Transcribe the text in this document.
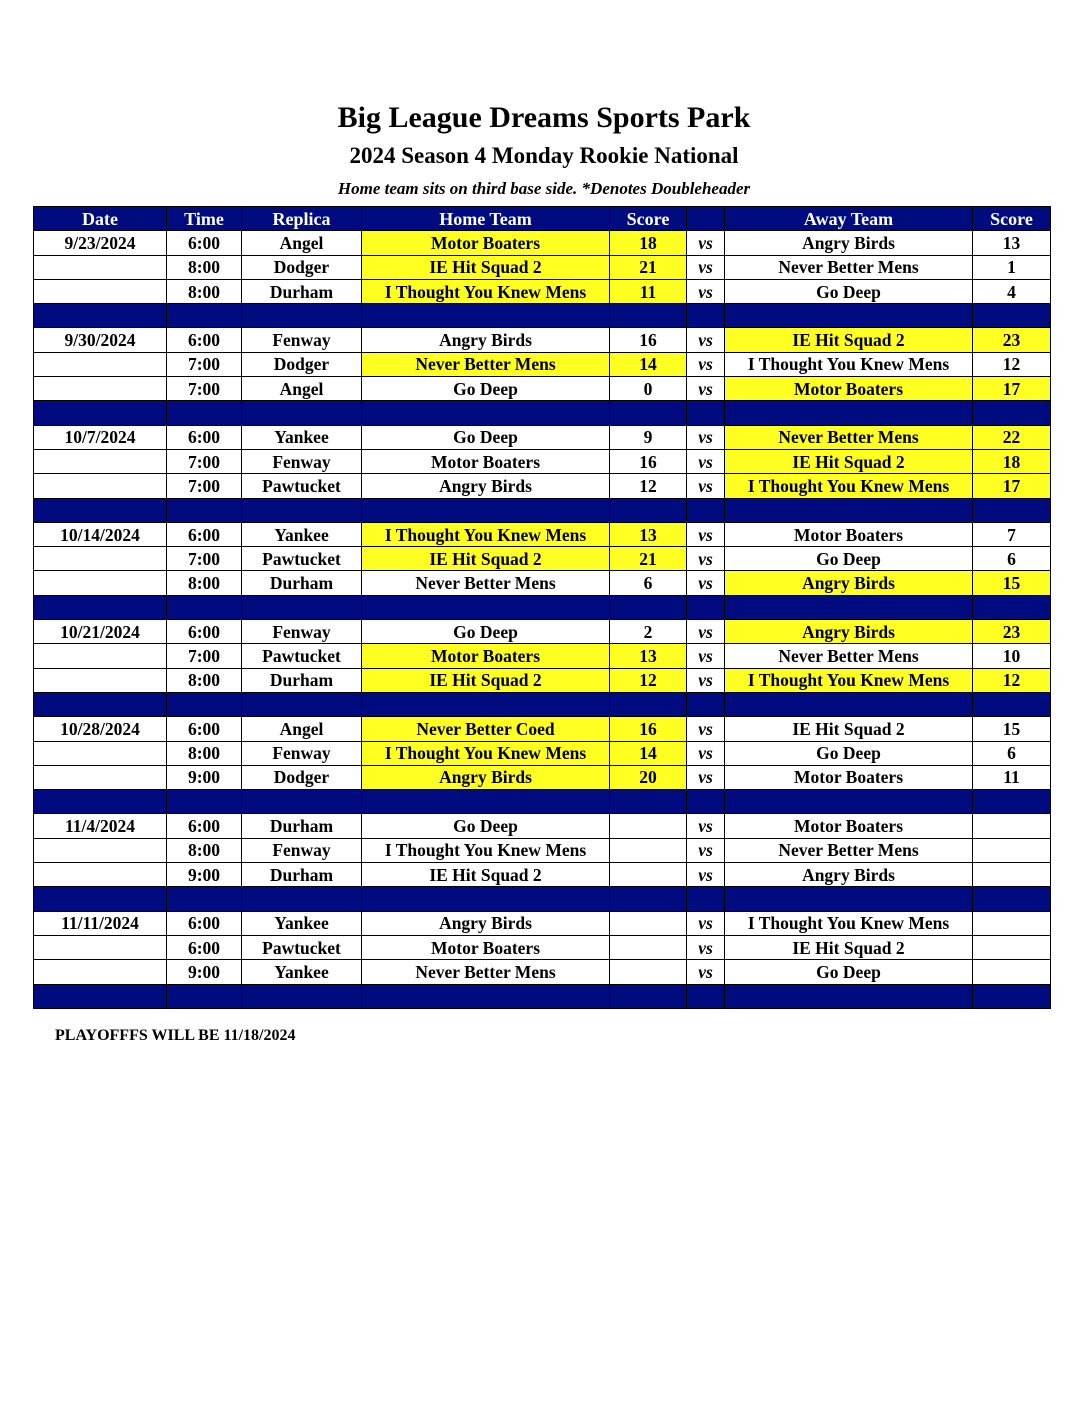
Big League Dreams Sports Park
2024 Season 4 Monday Rookie National
Home team sits on third base side. *Denotes Doubleheader
Date	Time	Replica	Home Team	Score		Away Team	Score
9/23/2024	6:00	Angel	Motor Boaters	18	vs	Angry Birds	13
	8:00	Dodger	IE Hit Squad 2	21	vs	Never Better Mens	1
	8:00	Durham	I Thought You Knew Mens	11	vs	Go Deep	4

9/30/2024	6:00	Fenway	Angry Birds	16	vs	IE Hit Squad 2	23
	7:00	Dodger	Never Better Mens	14	vs	I Thought You Knew Mens	12
	7:00	Angel	Go Deep	0	vs	Motor Boaters	17

10/7/2024	6:00	Yankee	Go Deep	9	vs	Never Better Mens	22
	7:00	Fenway	Motor Boaters	16	vs	IE Hit Squad 2	18
	7:00	Pawtucket	Angry Birds	12	vs	I Thought You Knew Mens	17

10/14/2024	6:00	Yankee	I Thought You Knew Mens	13	vs	Motor Boaters	7
	7:00	Pawtucket	IE Hit Squad 2	21	vs	Go Deep	6
	8:00	Durham	Never Better Mens	6	vs	Angry Birds	15

10/21/2024	6:00	Fenway	Go Deep	2	vs	Angry Birds	23
	7:00	Pawtucket	Motor Boaters	13	vs	Never Better Mens	10
	8:00	Durham	IE Hit Squad 2	12	vs	I Thought You Knew Mens	12

10/28/2024	6:00	Angel	Never Better Coed	16	vs	IE Hit Squad 2	15
	8:00	Fenway	I Thought You Knew Mens	14	vs	Go Deep	6
	9:00	Dodger	Angry Birds	20	vs	Motor Boaters	11

11/4/2024	6:00	Durham	Go Deep		vs	Motor Boaters	
	8:00	Fenway	I Thought You Knew Mens		vs	Never Better Mens	
	9:00	Durham	IE Hit Squad 2		vs	Angry Birds	

11/11/2024	6:00	Yankee	Angry Birds		vs	I Thought You Knew Mens	
	6:00	Pawtucket	Motor Boaters		vs	IE Hit Squad 2	
	9:00	Yankee	Never Better Mens		vs	Go Deep	

PLAYOFFFS WILL BE 11/18/2024
